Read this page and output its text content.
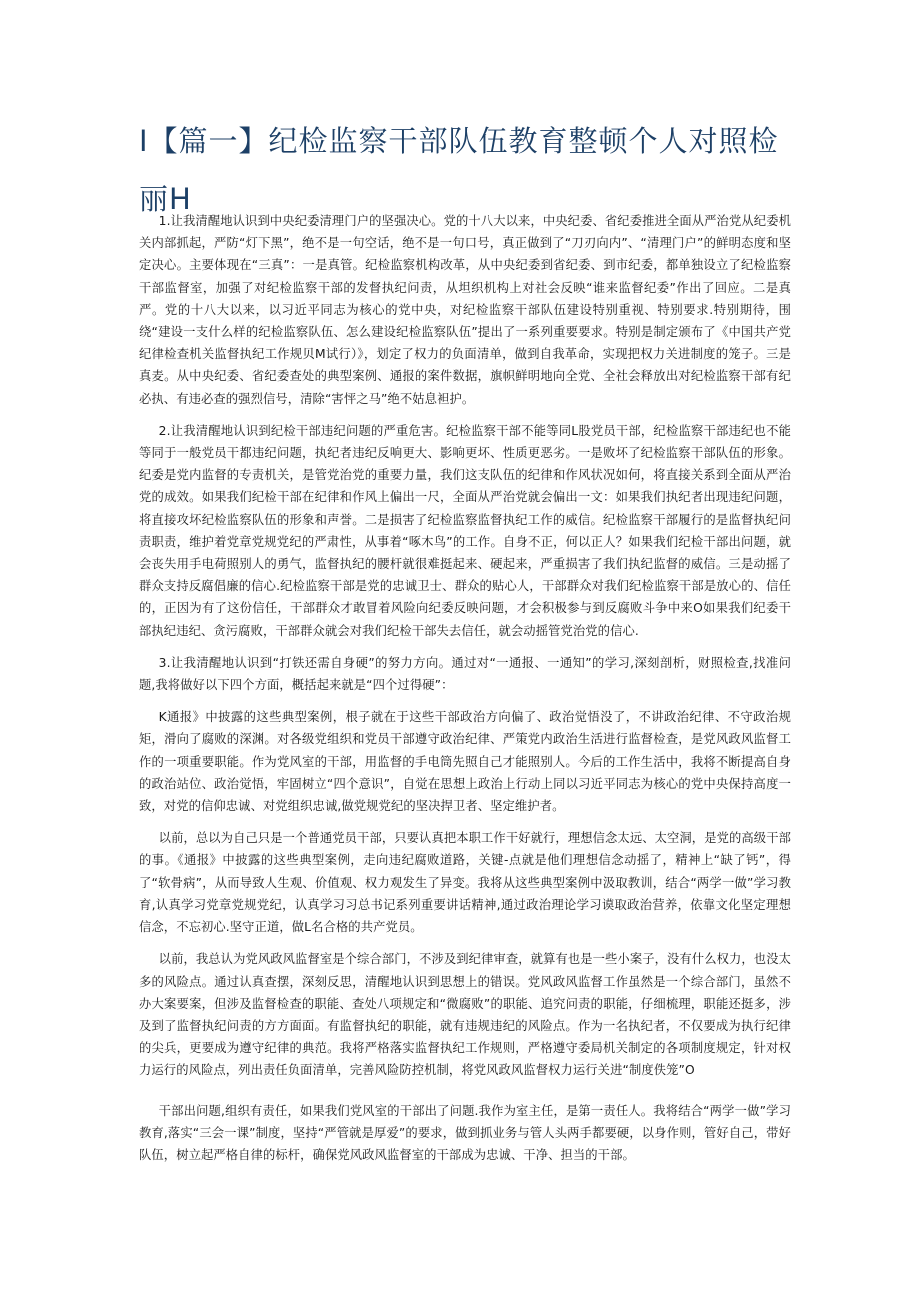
I【篇一】纪检监察干部队伍教育整顿个人对照检丽H

1.让我清醒地认识到中央纪委清理门户的坚强决心。党的十八大以来，中央纪委、省纪委推进全面从严治党从纪委机关内部抓起，严防“灯下黑”，绝不是一句空话，绝不是一句口号，真正做到了“刀刃向内”、“清理门户”的鲜明态度和坚定决心。主要体现在“三真”：一是真管。纪检监察机构改革，从中央纪委到省纪委、到市纪委，都单独设立了纪检监察干部监督室，加强了对纪检监察干部的发督执纪问责，从坦织机构上对社会反映“谁来监督纪委”作出了回应。二是真严。党的十八大以来，以习近平同志为核心的党中央，对纪检监察干部队伍建设特别重视、特别要求.特别期待，围绕“建设一支什么样的纪检监察队伍、怎么建设纪检监察队伍”提出了一系列重要要求。特别是制定颁布了《中国共产党纪律检查机关监督执纪工作规贝M试行）》，划定了权力的负面清单，做到自我革命，实现把权力关进制度的笼子。三是真麦。从中央纪委、省纪委查处的典型案例、通报的案件数据，旗帜鲜明地向全党、全社会释放出对纪检监察干部有纪必执、有违必查的强烈信号，清除“害怦之马”绝不姑息袒护。

2.让我清醒地认识到纪检干部违纪问题的严重危害。纪检监察干部不能等同L股党员干部，纪检监察干部违纪也不能等同于一般党员干都违纪问题，执纪者违纪反响更大、影响更坏、性质更恶劣。一是败坏了纪检监察干部队伍的形象。纪委是党内监督的专责机关，是管党治党的重要力量，我们这支队伍的纪律和作风状况如何，将直接关系到全面从严治党的成效。如果我们纪检干部在纪律和作风上偏出一尺，全面从严治党就会偏出一文：如果我们执纪者出现违纪问题，将直接攻坏纪检监察队伍的形象和声誉。二是损害了纪检监察监督执纪工作的威信。纪检监察干部履行的是监督执纪问责职责，维护着党章党规党纪的严肃性，从事着“啄木鸟”的工作。自身不正，何以正人？如果我们纪检干部出问题，就会丧失用手电荷照别人的勇气，监督执纪的腰杆就很难挺起来、硬起来，严重损害了我们执纪监督的威信。三是动摇了群众支持反腐倡廉的信心.纪检监察干部是党的忠诚卫士、群众的贴心人，干部群众对我们纪检监察干部是放心的、信任的，正因为有了这份信任，干部群众才敢冒着风险向纪委反映问题，才会积极参与到反腐败斗争中来O如果我们纪委干部执纪违纪、贪污腐败，干部群众就会对我们纪检干部失去信任，就会动摇管党治党的信心.

3.让我清醒地认识到“打铁还需自身硬”的努力方向。通过对“一通报、一通知”的学习,深刻剖析，财照检查,找准问题,我将做好以下四个方面，概括起来就是“四个过得硬”：

K通报》中披露的这些典型案例，根子就在于这些干部政治方向偏了、政治觉悟没了，不讲政治纪律、不守政治规矩，滑向了腐败的深渊。对各级党组织和党员干部遵守政治纪律、严策党内政治生活进行监督检查，是党风政风监督工作的一项重要职能。作为党风室的干部，用监督的手电筒先照自己才能照别人。今后的工作生活中，我将不断提高自身的政治站位、政治觉悟，牢固树立“四个意识”，自觉在思想上政治上行动上同以习近平同志为核心的党中央保持高度一致，对党的信仰忠诚、对党组织忠诚,做党规党纪的坚决捍卫者、坚定维护者。

以前，总以为自己只是一个普通党员干部，只要认真把本职工作干好就行，理想信念太远、太空洞，是党的高级干部的事。《通报》中披露的这些典型案例，走向违纪腐败道路，关键-点就是他们理想信念动摇了，精神上“缺了钙”，得了“软骨病”，从而导致人生观、价值观、权力观发生了异变。我将从这些典型案例中汲取教训，结合“两学一做”学习教育,认真学习党章党规党纪，认真学习习总书记系列重要讲话精神,通过政治理论学习谟取政治营养，依靠文化坚定理想信念，不忘初心.坚守正道，做L名合格的共产党员。

以前，我总认为党风政风监督室是个综合部门，不涉及到纪律审查，就算有也是一些小案子，没有什么权力，也没太多的风险点。通过认真查摆，深刻反思，清醒地认识到思想上的错误。党风政风监督工作虽然是一个综合部门，虽然不办大案要案，但涉及监督检查的职能、查处八项规定和“微腐败”的职能、追究问责的职能，仔细梳理，职能还挺多，涉及到了监督执纪问责的方方面面。有监督执纪的职能，就有违规违纪的风险点。作为一名执纪者，不仅要成为执行纪律的尖兵，更要成为遵守纪律的典范。我将严格落实监督执纪工作规则，严格遵守委局机关制定的各项制度规定，针对权力运行的风险点，列出责任负面清单，完善风险防控机制，将党风政风监督权力运行关进“制度佚笼”O

干部出问题,组织有责任，如果我们党风室的干部出了问题.我作为室主任，是第一责任人。我将结合“两学一做”学习教育,落实“三会一课”制度，坚持“严管就是厚爱”的要求，做到抓业务与管人头两手都要硬，以身作则，管好自己，带好队伍，树立起严格自律的标杆，确保党风政风监督室的干部成为忠诚、干净、担当的干部。
